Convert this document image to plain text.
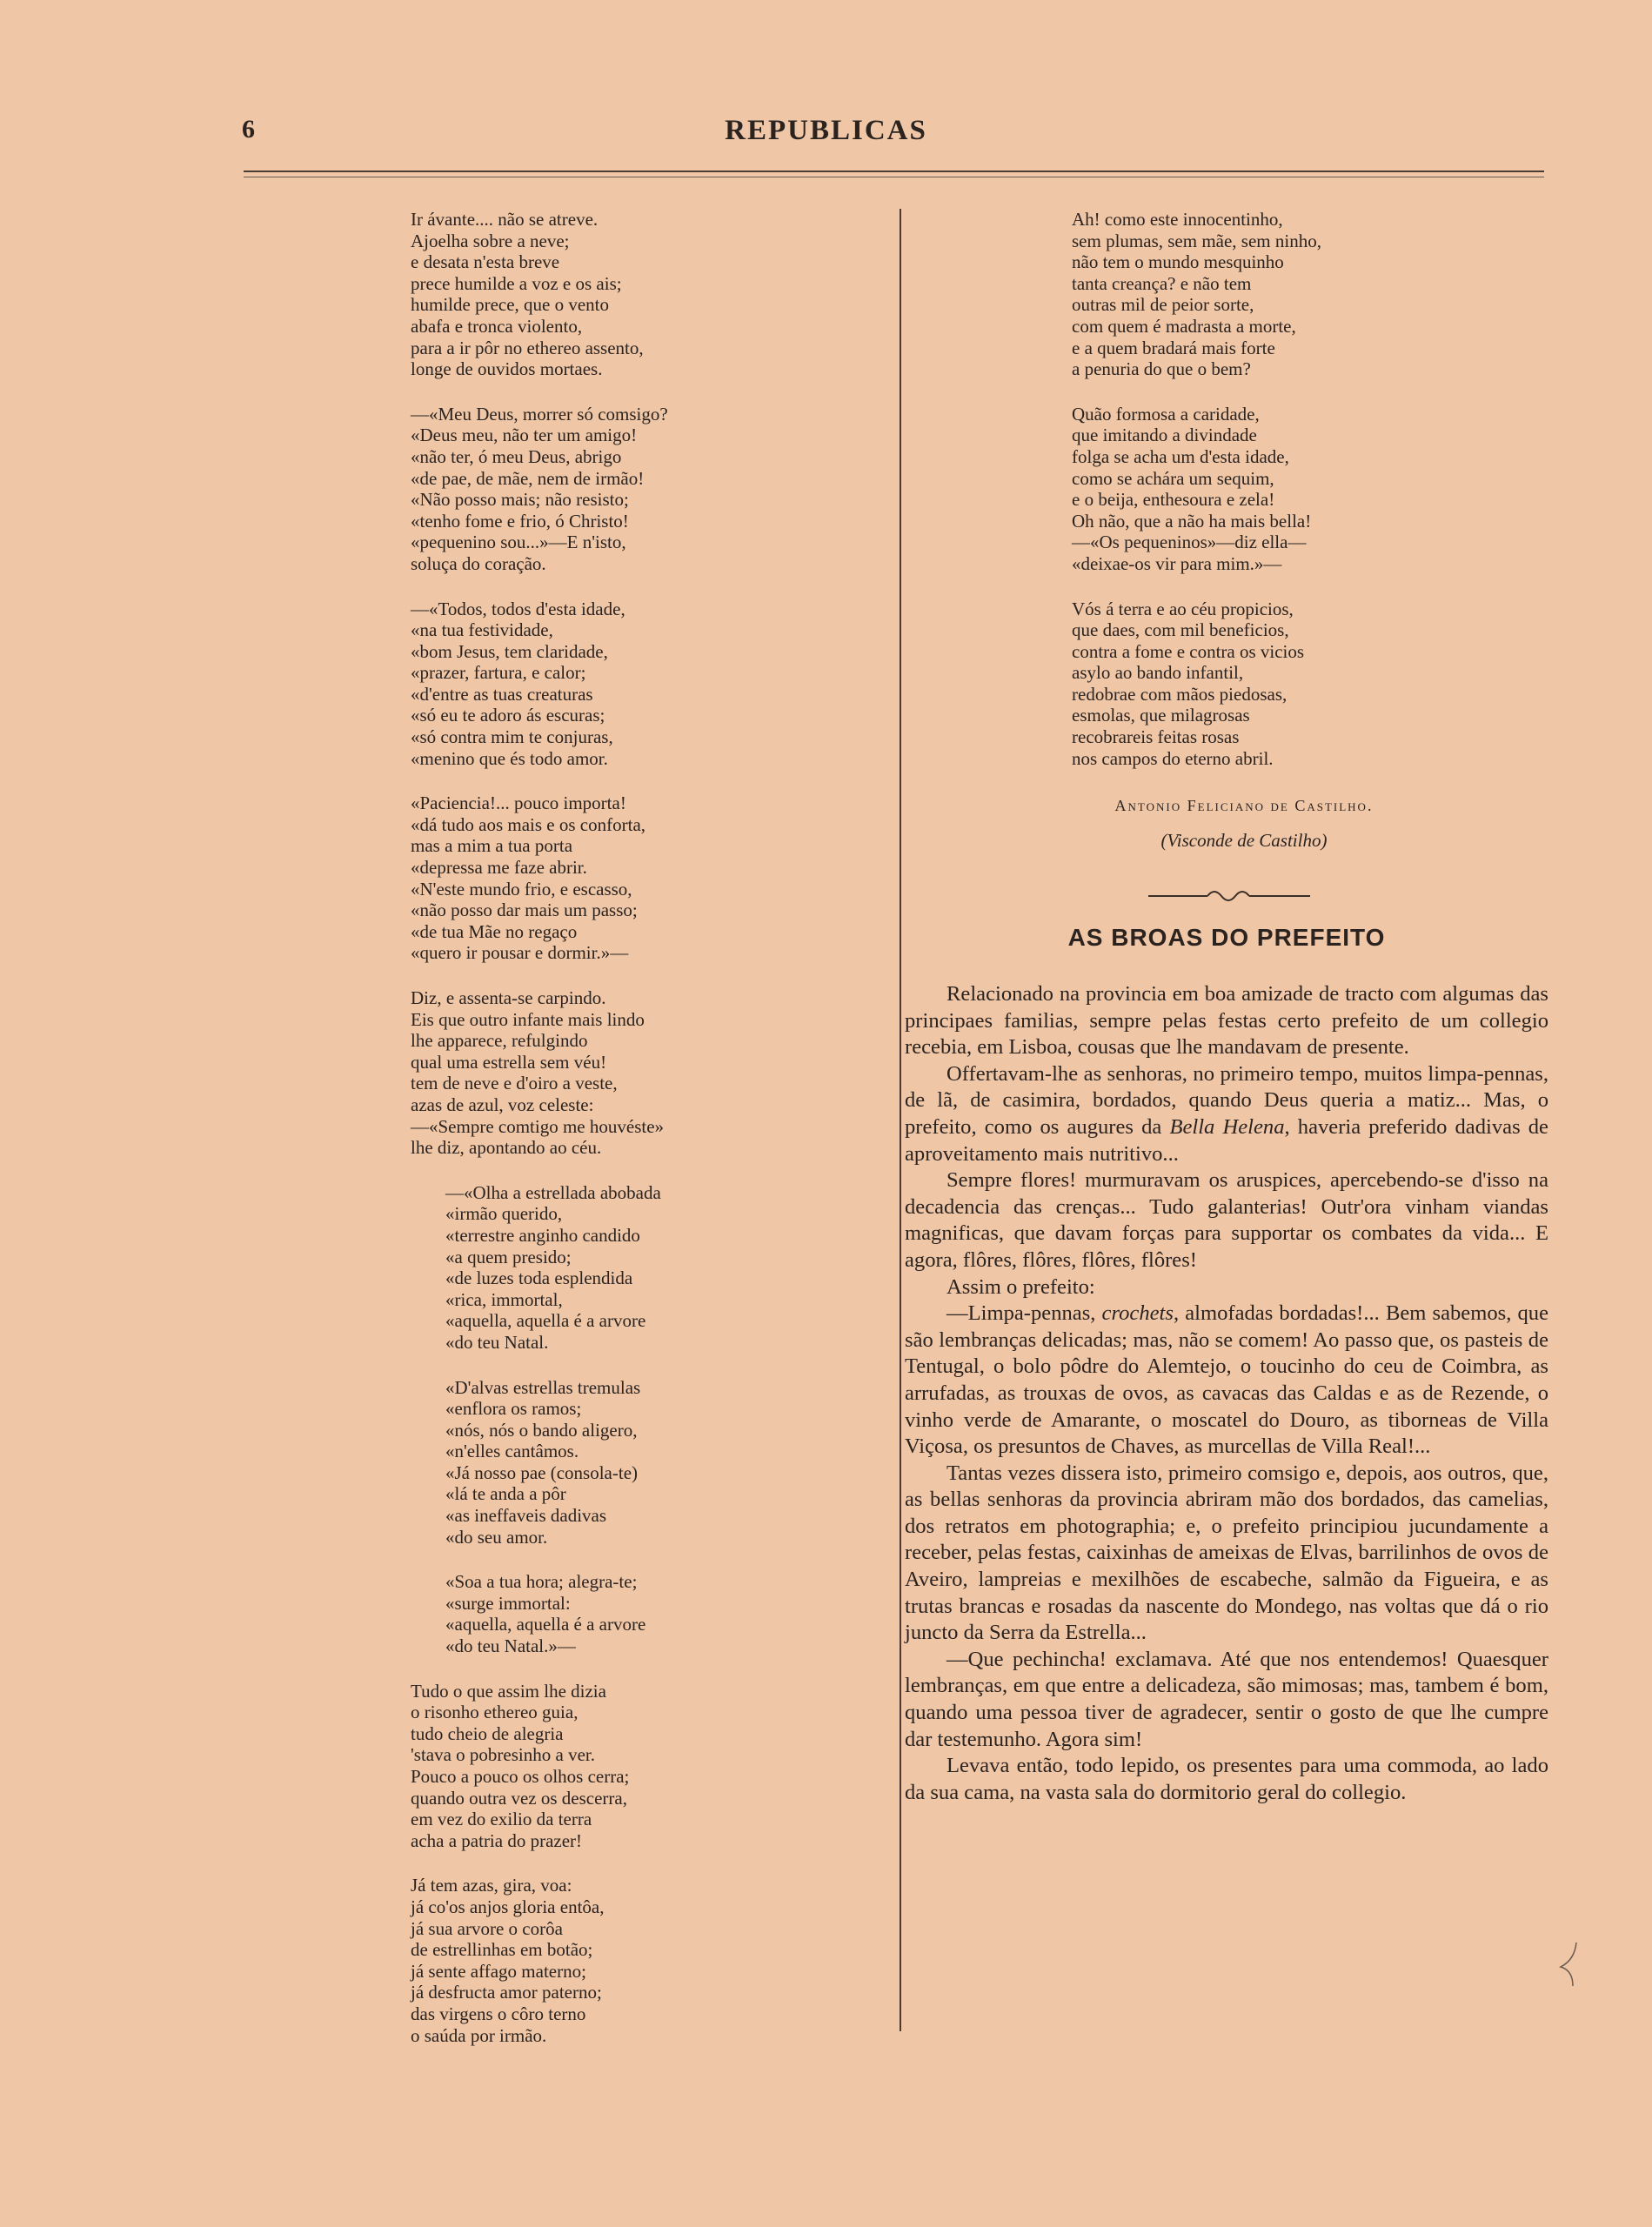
6	REPUBLICAS
Ir ávante.... não se atreve.
Ajoelha sobre a neve;
e desata n'esta breve
prece humilde a voz e os ais;
humilde prece, que o vento
abafa e tronca violento,
para a ir pôr no ethereo assento,
longe de ouvidos mortaes.
—«Meu Deus, morrer só comsigo?
«Deus meu, não ter um amigo!
«não ter, ó meu Deus, abrigo
«de pae, de mãe, nem de irmão!
«Não posso mais; não resisto;
«tenho fome e frio, ó Christo!
«pequenino sou...»—E n'isto,
soluça do coração.
—«Todos, todos d'esta idade,
«na tua festividade,
«bom Jesus, tem claridade,
«prazer, fartura, e calor;
«d'entre as tuas creaturas
«só eu te adoro ás escuras;
«só contra mim te conjuras,
«menino que és todo amor.
«Paciencia!... pouco importa!
«dá tudo aos mais e os conforta,
mas a mim a tua porta
«depressa me faze abrir.
«N'este mundo frio, e escasso,
«não posso dar mais um passo;
«de tua Mãe no regaço
«quero ir pousar e dormir.»—
Diz, e assenta-se carpindo.
Eis que outro infante mais lindo
lhe apparece, refulgindo
qual uma estrella sem véu!
tem de neve e d'oiro a veste,
azas de azul, voz celeste:
—«Sempre comtigo me houvéste»
lhe diz, apontando ao céu.
—«Olha a estrellada abobada
«irmão querido,
«terrestre anginho candido
«a quem presido;
«de luzes toda esplendida
«rica, immortal,
«aquella, aquella é a arvore
«do teu Natal.
«D'alvas estrellas tremulas
«enflora os ramos;
«nós, nós o bando aligero,
«n'elles cantâmos.
«Já nosso pae (consola-te)
«lá te anda a pôr
«as ineffaveis dadivas
«do seu amor.
«Soa a tua hora; alegra-te;
«surge immortal:
«aquella, aquella é a arvore
«do teu Natal.»—
Tudo o que assim lhe dizia
o risonho ethereo guia,
tudo cheio de alegria
'stava o pobresinho a ver.
Pouco a pouco os olhos cerra;
quando outra vez os descerra,
em vez do exilio da terra
acha a patria do prazer!
Já tem azas, gira, voa:
já co'os anjos gloria entôa,
já sua arvore o corôa
de estrellinhas em botão;
já sente affago materno;
já desfructa amor paterno;
das virgens o côro terno
o saúda por irmão.
Ah! como este innocentinho,
sem plumas, sem mãe, sem ninho,
não tem o mundo mesquinho
tanta creança? e não tem
outras mil de peior sorte,
com quem é madrasta a morte,
e a quem bradará mais forte
a penuria do que o bem?
Quão formosa a caridade,
que imitando a divindade
folga se acha um d'esta idade,
como se achára um sequim,
e o beija, enthesoura e zela!
Oh não, que a não ha mais bella!
—«Os pequeninos»—diz ella—
«deixae-os vir para mim.»—
Vós á terra e ao céu propicios,
que daes, com mil beneficios,
contra a fome e contra os vicios
asylo ao bando infantil,
redobrae com mãos piedosas,
esmolas, que milagrosas
recobrareis feitas rosas
nos campos do eterno abril.
Antonio Feliciano de Castilho.
(Visconde de Castilho)
AS BROAS DO PREFEITO

Relacionado na provincia em boa amizade de tracto com algumas das principaes familias, sempre pelas festas certo prefeito de um collegio recebia, em Lisboa, cousas que lhe mandavam de presente.

Offertavam-lhe as senhoras, no primeiro tempo, muitos limpa-pennas, de lã, de casimira, bordados, quando Deus queria a matiz... Mas, o prefeito, como os augures da Bella Helena, haveria preferido dadivas de aproveitamento mais nutritivo...

Sempre flores! murmuravam os aruspices, apercebendo-se d'isso na decadencia das crenças... Tudo galanterias! Outr'ora vinham viandas magnificas, que davam forças para supportar os combates da vida... E agora, flôres, flôres, flôres, flôres!

Assim o prefeito:

—Limpa-pennas, crochets, almofadas bordadas!... Bem sabemos, que são lembranças delicadas; mas, não se comem! Ao passo que, os pasteis de Tentugal, o bolo pôdre do Alemtejo, o toucinho do ceu de Coimbra, as arrufadas, as trouxas de ovos, as cavacas das Caldas e as de Rezende, o vinho verde de Amarante, o moscatel do Douro, as tiborneas de Villa Viçosa, os presuntos de Chaves, as murcellas de Villa Real!...

Tantas vezes dissera isto, primeiro comsigo e, depois, aos outros, que, as bellas senhoras da provincia abriram mão dos bordados, das camelias, dos retratos em photographia; e, o prefeito principiou jucundamente a receber, pelas festas, caixinhas de ameixas de Elvas, barrilinhos de ovos de Aveiro, lampreias e mexilhões de escabeche, salmão da Figueira, e as trutas brancas e rosadas da nascente do Mondego, nas voltas que dá o rio juncto da Serra da Estrella...

—Que pechincha! exclamava. Até que nos entendemos! Quaesquer lembranças, em que entre a delicadeza, são mimosas; mas, tambem é bom, quando uma pessoa tiver de agradecer, sentir o gosto de que lhe cumpre dar testemunho. Agora sim!

Levava então, todo lepido, os presentes para uma commoda, ao lado da sua cama, na vasta sala do dormitorio geral do collegio.
